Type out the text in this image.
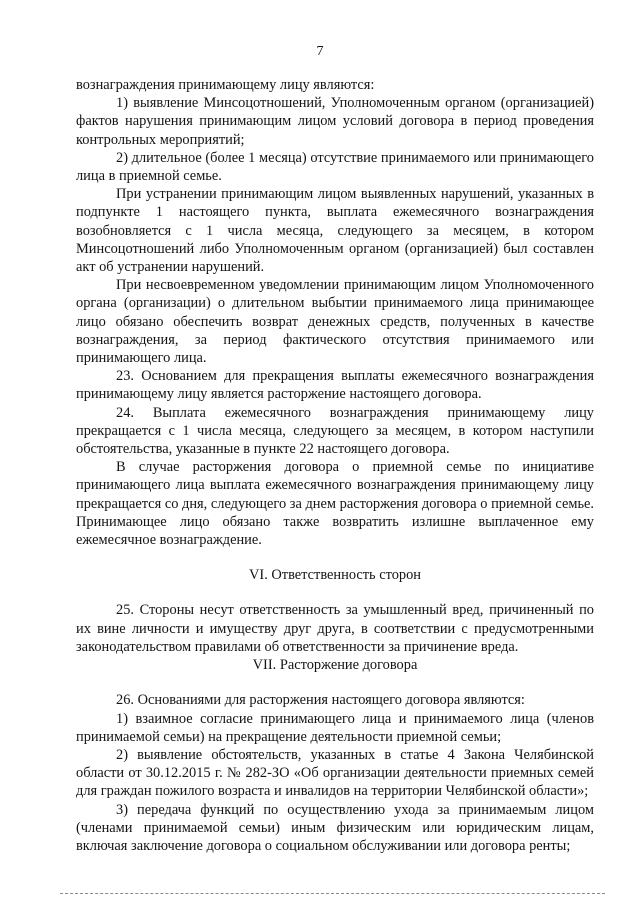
7

вознаграждения принимающему лицу являются:

1) выявление Минсоцотношений, Уполномоченным органом (организацией) фактов нарушения принимающим лицом условий договора в период проведения контрольных мероприятий;

2) длительное (более 1 месяца) отсутствие принимаемого или принимающего лица в приемной семье.

При устранении принимающим лицом выявленных нарушений, указанных в подпункте 1 настоящего пункта, выплата ежемесячного вознаграждения возобновляется с 1 числа месяца, следующего за месяцем, в котором Минсоцотношений либо Уполномоченным органом (организацией) был составлен акт об устранении нарушений.

При несвоевременном уведомлении принимающим лицом Уполномоченного органа (организации) о длительном выбытии принимаемого лица принимающее лицо обязано обеспечить возврат денежных средств, полученных в качестве вознаграждения, за период фактического отсутствия принимаемого или принимающего лица.

23. Основанием для прекращения выплаты ежемесячного вознаграждения принимающему лицу является расторжение настоящего договора.

24. Выплата ежемесячного вознаграждения принимающему лицу прекращается с 1 числа месяца, следующего за месяцем, в котором наступили обстоятельства, указанные в пункте 22 настоящего договора.

В случае расторжения договора о приемной семье по инициативе принимающего лица выплата ежемесячного вознаграждения принимающему лицу прекращается со дня, следующего за днем расторжения договора о приемной семье. Принимающее лицо обязано также возвратить излишне выплаченное ему ежемесячное вознаграждение.

VI. Ответственность сторон

25. Стороны несут ответственность за умышленный вред, причиненный по их вине личности и имуществу друг друга, в соответствии с предусмотренными законодательством правилами об ответственности за причинение вреда.

VII. Расторжение договора

26. Основаниями для расторжения настоящего договора являются:

1) взаимное согласие принимающего лица и принимаемого лица (членов принимаемой семьи) на прекращение деятельности приемной семьи;

2) выявление обстоятельств, указанных в статье 4 Закона Челябинской области от 30.12.2015 г. № 282-ЗО «Об организации деятельности приемных семей для граждан пожилого возраста и инвалидов на территории Челябинской области»;

3) передача функций по осуществлению ухода за принимаемым лицом (членами принимаемой семьи) иным физическим или юридическим лицам, включая заключение договора о социальном обслуживании или договора ренты;
